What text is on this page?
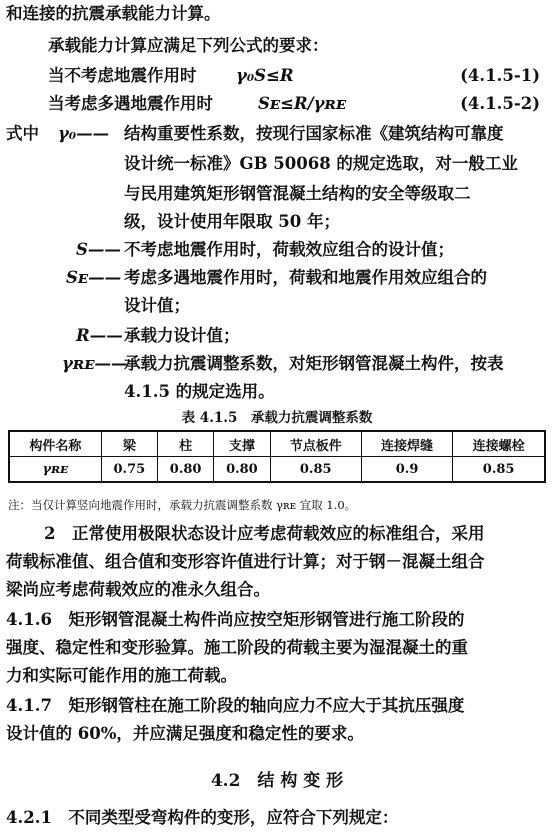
和连接的抗震承载能力计算。
承载能力计算应满足下列公式的要求：
当不考虑地震作用时 γ₀S≤R	(4.1.5-1)
当考虑多遇地震作用时	Sᴇ≤R/γʀᴇ	(4.1.5-2)
式中 γ₀—— 结构重要性系数，按现行国家标准《建筑结构可靠度
设计统一标准》GB 50068 的规定选取，对一般工业
与民用建筑矩形钢管混凝土结构的安全等级取二
级，设计使用年限取 50 年；
S—— 不考虑地震作用时，荷载效应组合的设计值；
Sᴇ—— 考虑多遇地震作用时，荷载和地震作用效应组合的
设计值；
R—— 承载力设计值；
γʀᴇ——
承载力抗震调整系数，对矩形钢管混凝土构件，按表
4.1.5 的规定选用。
表 4.1.5　承载力抗震调整系数
构件名称	梁	柱	支撑	节点板件	连接焊缝	连接螺栓
γʀᴇ	0.75	0.80	0.80	0.85	0.9	0.85
注：当仅计算竖向地震作用时，承载力抗震调整系数 γʀᴇ 宜取 1.0。
2　正常使用极限状态设计应考虑荷载效应的标准组合，采用
荷载标准值、组合值和变形容许值进行计算；对于钢－混凝土组合
梁尚应考虑荷载效应的准永久组合。
4.1.6　矩形钢管混凝土构件尚应按空矩形钢管进行施工阶段的
强度、稳定性和变形验算。施工阶段的荷载主要为湿混凝土的重
力和实际可能作用的施工荷载。
4.1.7　矩形钢管柱在施工阶段的轴向应力不应大于其抗压强度
设计值的 60%，并应满足强度和稳定性的要求。
4.2　结 构 变 形
4.2.1　不同类型受弯构件的变形，应符合下列规定：
